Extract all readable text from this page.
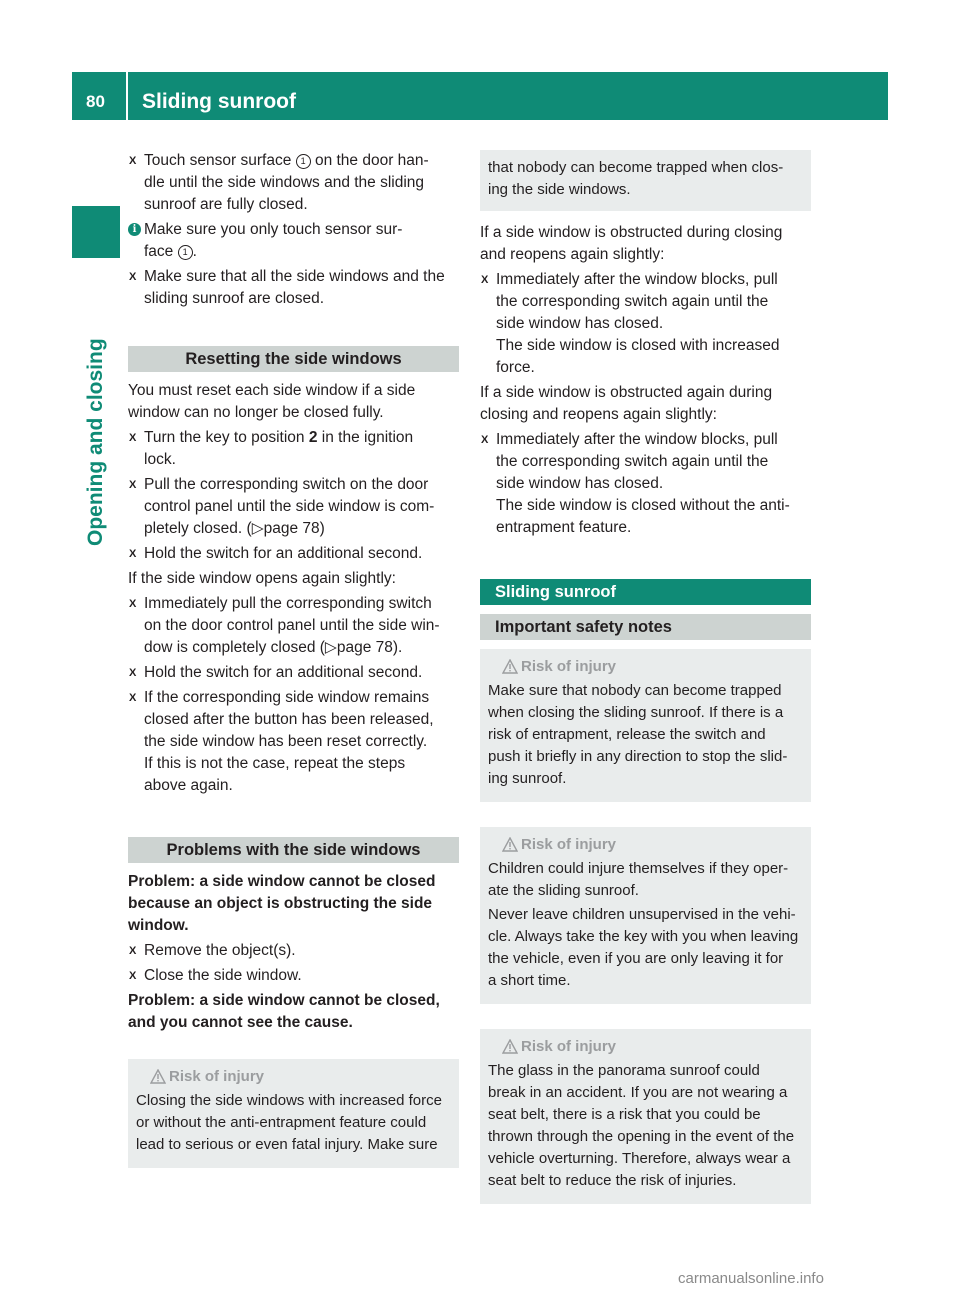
80 Sliding sunroof
Opening and closing
X Touch sensor surface 1 on the door han-
dle until the side windows and the sliding
sunroof are fully closed.
i Make sure you only touch sensor sur-
face 1 .
X Make sure that all the side windows and the
sliding sunroof are closed.
Resetting the side windows
You must reset each side window if a side
window can no longer be closed fully.
X Turn the key to position 2 in the ignition
lock.
X Pull the corresponding switch on the door
control panel until the side window is com-
pletely closed. (▷page 78)
X Hold the switch for an additional second.
If the side window opens again slightly:
X Immediately pull the corresponding switch
on the door control panel until the side win-
dow is completely closed (▷page 78).
X Hold the switch for an additional second.
X If the corresponding side window remains
closed after the button has been released,
the side window has been reset correctly.
If this is not the case, repeat the steps
above again.
Problems with the side windows
Problem: a side window cannot be closed
because an object is obstructing the side
window.
X Remove the object(s).
X Close the side window.
Problem: a side window cannot be closed,
and you cannot see the cause.
Risk of injury

Closing the side windows with increased force
or without the anti-entrapment feature could
lead to serious or even fatal injury. Make sure

that nobody can become trapped when clos-
ing the side windows.

If a side window is obstructed during closing
and reopens again slightly:
X Immediately after the window blocks, pull
the corresponding switch again until the
side window has closed.
The side window is closed with increased
force.
If a side window is obstructed again during
closing and reopens again slightly:
X Immediately after the window blocks, pull
the corresponding switch again until the
side window has closed.
The side window is closed without the anti-
entrapment feature.
Sliding sunroof
Important safety notes
Risk of injury

Make sure that nobody can become trapped
when closing the sliding sunroof. If there is a
risk of entrapment, release the switch and
push it briefly in any direction to stop the slid-
ing sunroof.

Risk of injury

Children could injure themselves if they oper-
ate the sliding sunroof.

Never leave children unsupervised in the vehi-
cle. Always take the key with you when leaving
the vehicle, even if you are only leaving it for
a short time.

Risk of injury

The glass in the panorama sunroof could
break in an accident. If you are not wearing a
seat belt, there is a risk that you could be
thrown through the opening in the event of the
vehicle overturning. Therefore, always wear a
seat belt to reduce the risk of injuries.

carmanualsonline.info
